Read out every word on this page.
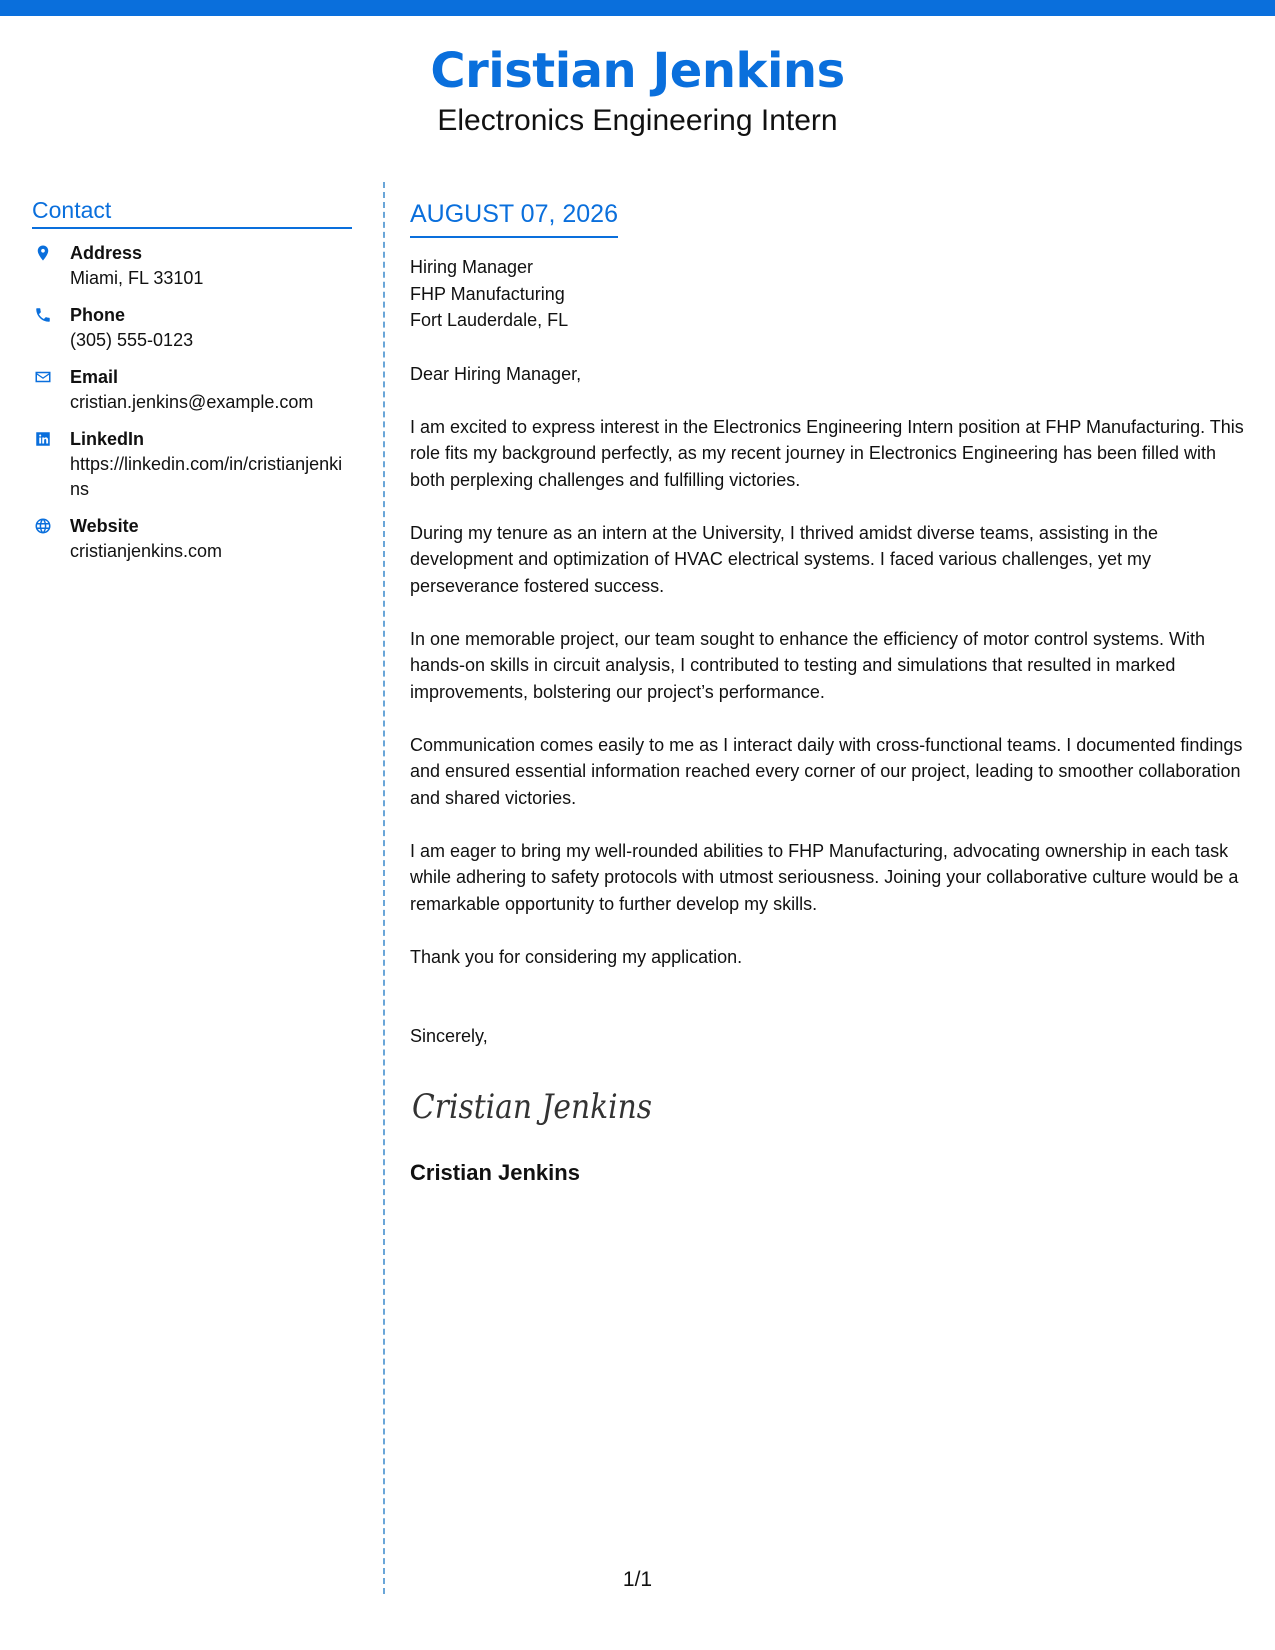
Cristian Jenkins
Electronics Engineering Intern
Contact
Address
Miami, FL 33101
Phone
(305) 555-0123
Email
cristian.jenkins@example.com
LinkedIn
https://linkedin.com/in/cristianjenkins
Website
cristianjenkins.com
AUGUST 07, 2026
Hiring Manager
FHP Manufacturing
Fort Lauderdale, FL
Dear Hiring Manager,
I am excited to express interest in the Electronics Engineering Intern position at FHP Manufacturing. This role fits my background perfectly, as my recent journey in Electronics Engineering has been filled with both perplexing challenges and fulfilling victories.
During my tenure as an intern at the University, I thrived amidst diverse teams, assisting in the development and optimization of HVAC electrical systems. I faced various challenges, yet my perseverance fostered success.
In one memorable project, our team sought to enhance the efficiency of motor control systems. With hands-on skills in circuit analysis, I contributed to testing and simulations that resulted in marked improvements, bolstering our project’s performance.
Communication comes easily to me as I interact daily with cross-functional teams. I documented findings and ensured essential information reached every corner of our project, leading to smoother collaboration and shared victories.
I am eager to bring my well-rounded abilities to FHP Manufacturing, advocating ownership in each task while adhering to safety protocols with utmost seriousness. Joining your collaborative culture would be a remarkable opportunity to further develop my skills.
Thank you for considering my application.
Sincerely,
Cristian Jenkins
Cristian Jenkins
1/1
